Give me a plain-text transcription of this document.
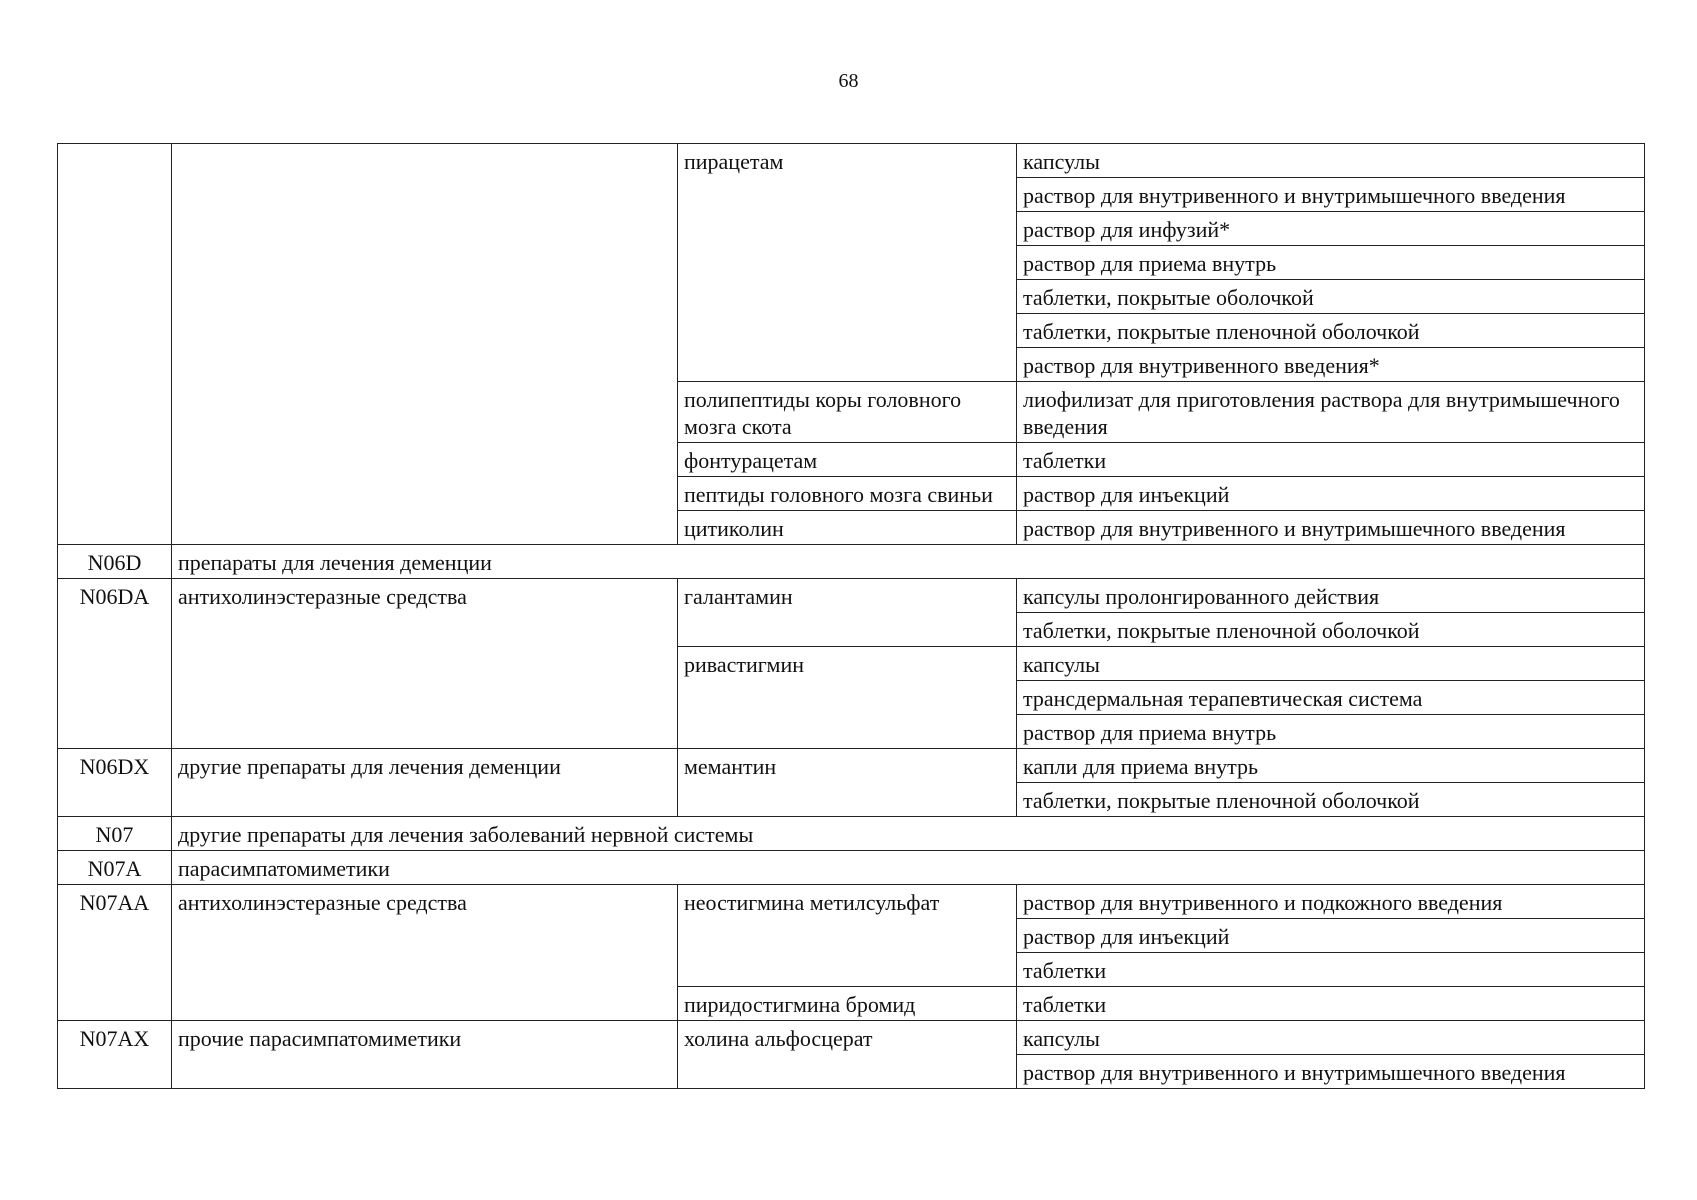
68
		пирацетам	капсулы
			раствор для внутривенного и внутримышечного введения
			раствор для инфузий*
			раствор для приема внутрь
			таблетки, покрытые оболочкой
			таблетки, покрытые пленочной оболочкой
			раствор для внутривенного введения*
		полипептиды коры головного мозга скота	лиофилизат для приготовления раствора для внутримышечного введения
		фонтурацетам	таблетки
		пептиды головного мозга свиньи	раствор для инъекций
		цитиколин	раствор для внутривенного и внутримышечного введения
N06D	препараты для лечения деменции		
N06DA	антихолинэстеразные средства	галантамин	капсулы пролонгированного действия
			таблетки, покрытые пленочной оболочкой
		ривастигмин	капсулы
			трансдермальная терапевтическая система
			раствор для приема внутрь
N06DX	другие препараты для лечения деменции	мемантин	капли для приема внутрь
			таблетки, покрытые пленочной оболочкой
N07	другие препараты для лечения заболеваний нервной системы		
N07A	парасимпатомиметики		
N07AA	антихолинэстеразные средства	неостигмина метилсульфат	раствор для внутривенного и подкожного введения
			раствор для инъекций
			таблетки
		пиридостигмина бромид	таблетки
N07AX	прочие парасимпатомиметики	холина альфосцерат	капсулы
			раствор для внутривенного и внутримышечного введения
